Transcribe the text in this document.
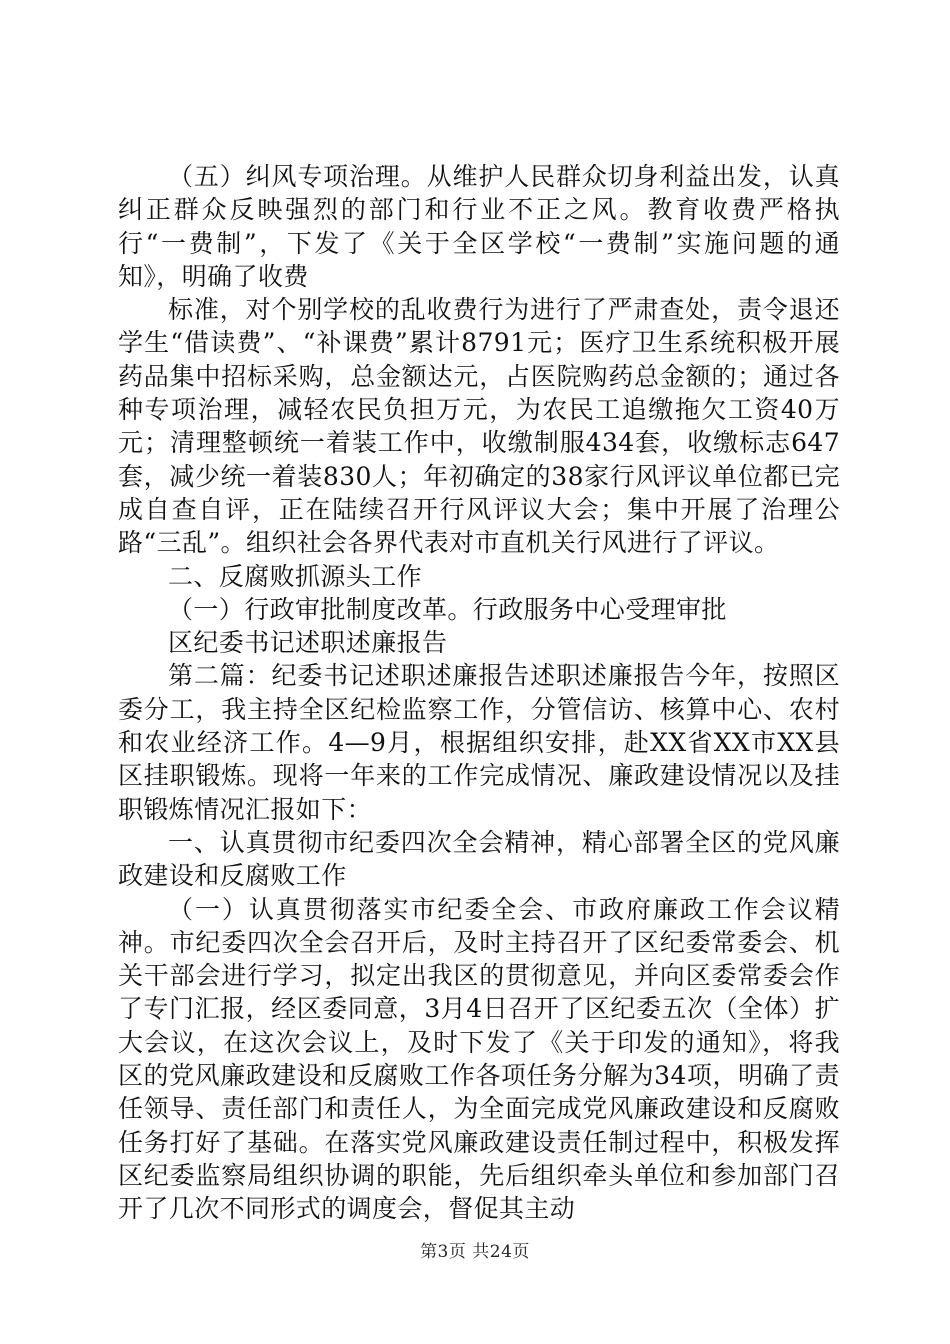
（五）纠风专项治理。从维护人民群众切身利益出发，认真纠正群众反映强烈的部门和行业不正之风。教育收费严格执行“一费制”，下发了《关于全区学校“一费制”实施问题的通知》，明确了收费

标准，对个别学校的乱收费行为进行了严肃查处，责令退还学生“借读费”、“补课费”累计8791元；医疗卫生系统积极开展药品集中招标采购，总金额达元，占医院购药总金额的；通过各种专项治理，减轻农民负担万元，为农民工追缴拖欠工资40万元；清理整顿统一着装工作中，收缴制服434套，收缴标志647套，减少统一着装830人；年初确定的38家行风评议单位都已完成自查自评，正在陆续召开行风评议大会；集中开展了治理公路“三乱”。组织社会各界代表对市直机关行风进行了评议。

二、反腐败抓源头工作

（一）行政审批制度改革。行政服务中心受理审批

区纪委书记述职述廉报告

第二篇：纪委书记述职述廉报告述职述廉报告今年，按照区委分工，我主持全区纪检监察工作，分管信访、核算中心、农村和农业经济工作。4—9月，根据组织安排，赴XX省XX市XX县区挂职锻炼。现将一年来的工作完成情况、廉政建设情况以及挂职锻炼情况汇报如下：

一、认真贯彻市纪委四次全会精神，精心部署全区的党风廉政建设和反腐败工作

（一）认真贯彻落实市纪委全会、市政府廉政工作会议精神。市纪委四次全会召开后，及时主持召开了区纪委常委会、机关干部会进行学习，拟定出我区的贯彻意见，并向区委常委会作了专门汇报，经区委同意，3月4日召开了区纪委五次（全体）扩大会议，在这次会议上，及时下发了《关于印发的通知》，将我区的党风廉政建设和反腐败工作各项任务分解为34项，明确了责任领导、责任部门和责任人，为全面完成党风廉政建设和反腐败任务打好了基础。在落实党风廉政建设责任制过程中，积极发挥区纪委监察局组织协调的职能，先后组织牵头单位和参加部门召开了几次不同形式的调度会，督促其主动

第3页 共24页
